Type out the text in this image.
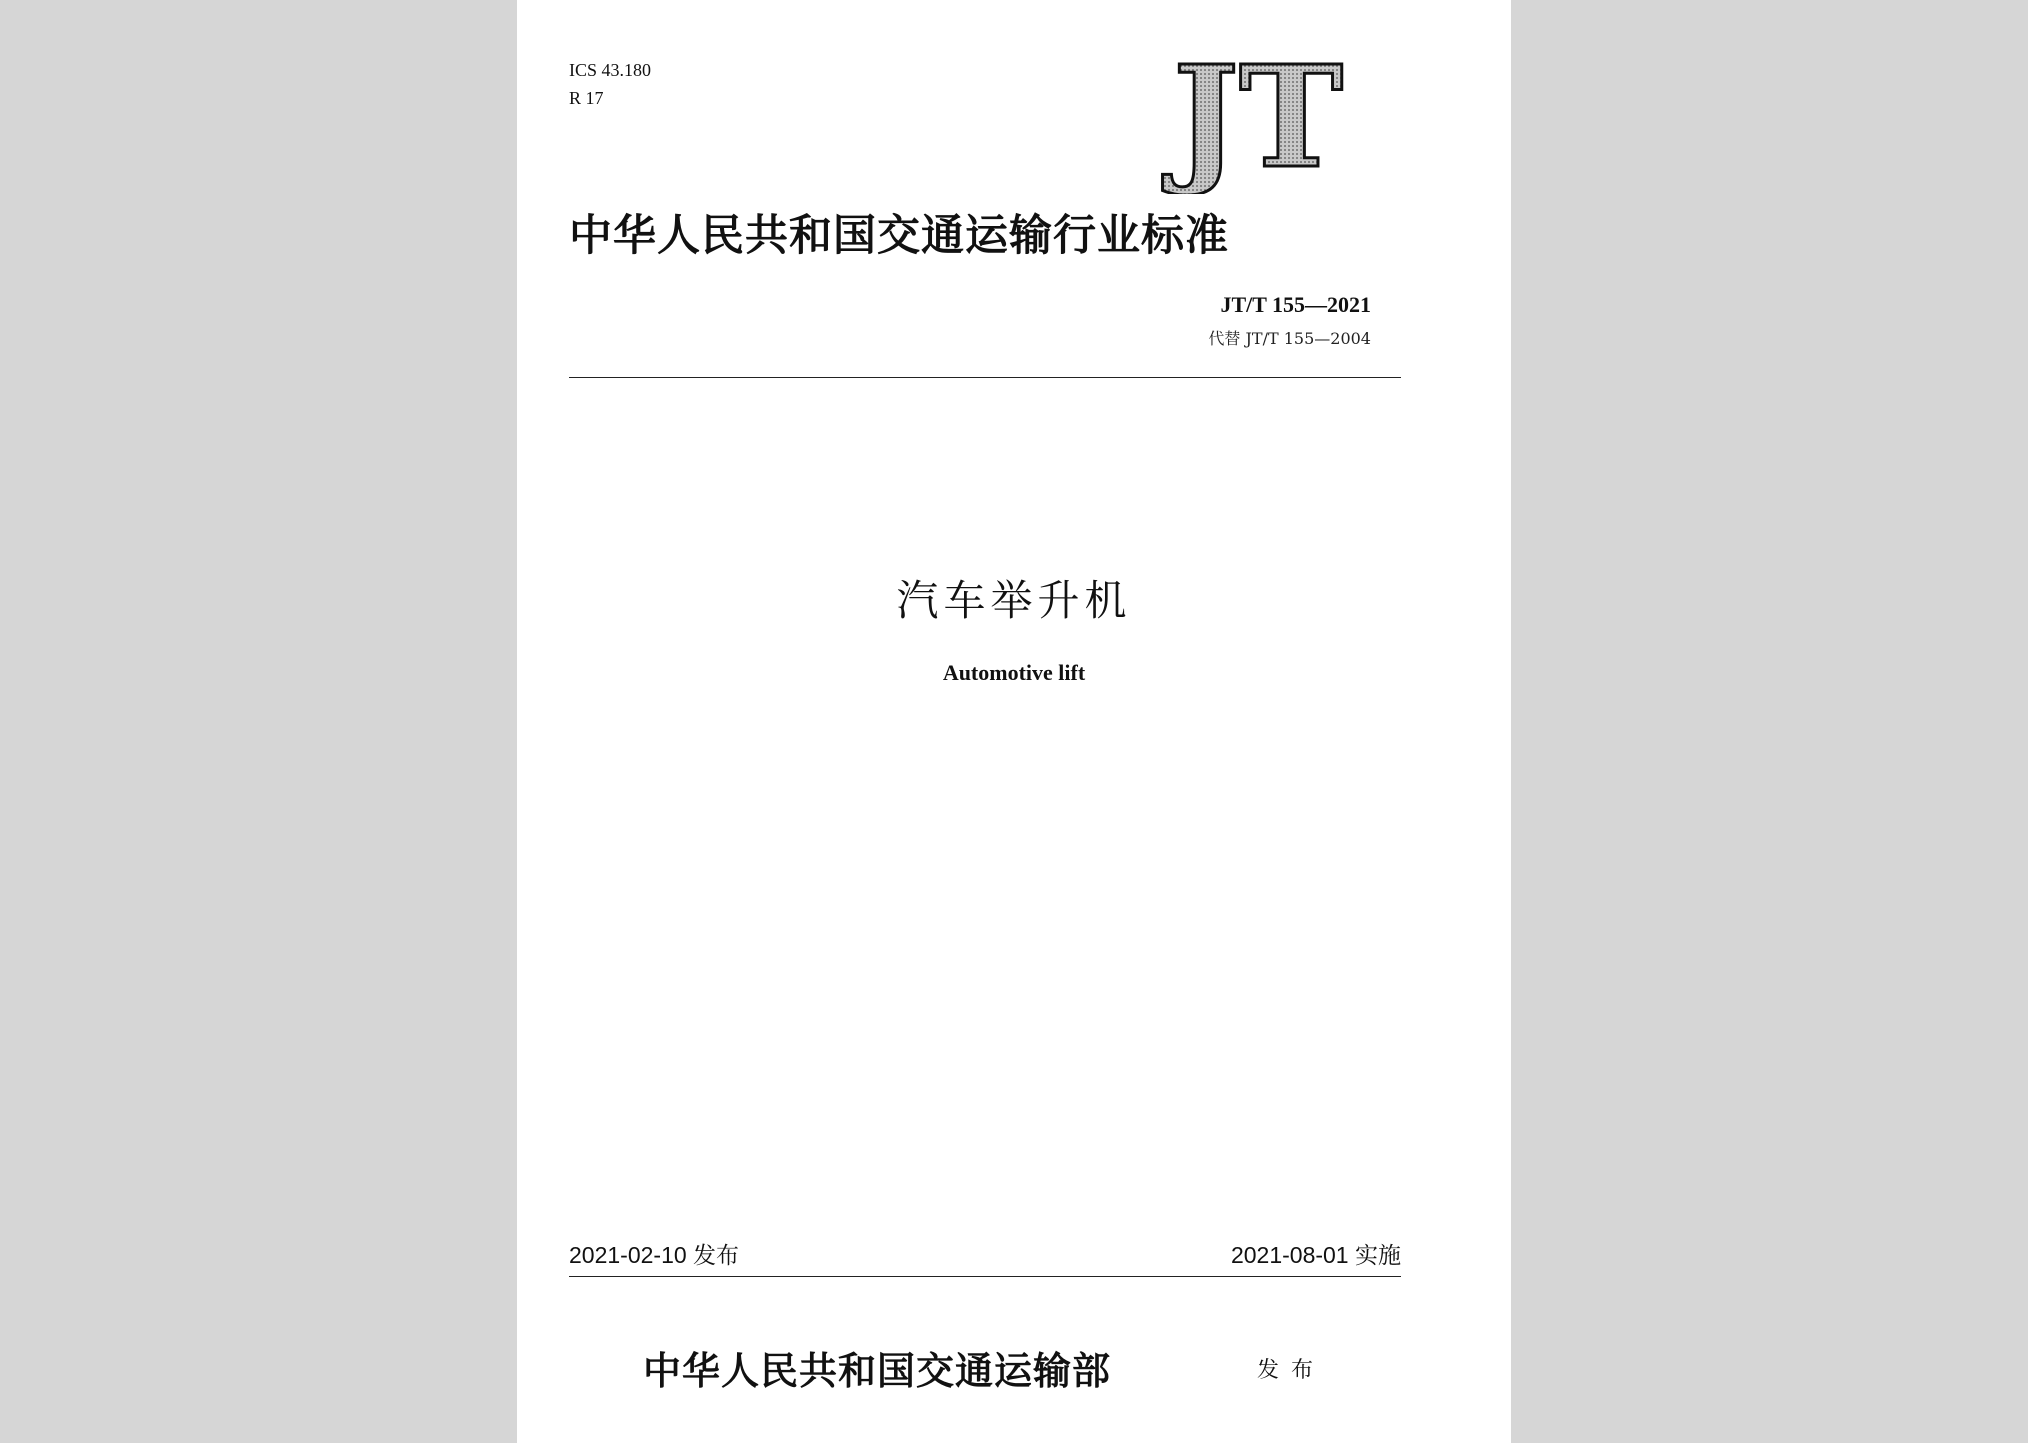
ICS 43.180
R 17	JT
中华人民共和国交通运输行业标准
JT/T 155—2021
代替 JT/T 155—2004
汽车举升机
Automotive lift
2021-02-10 发布	2021-08-01 实施
中华人民共和国交通运输部	发布
